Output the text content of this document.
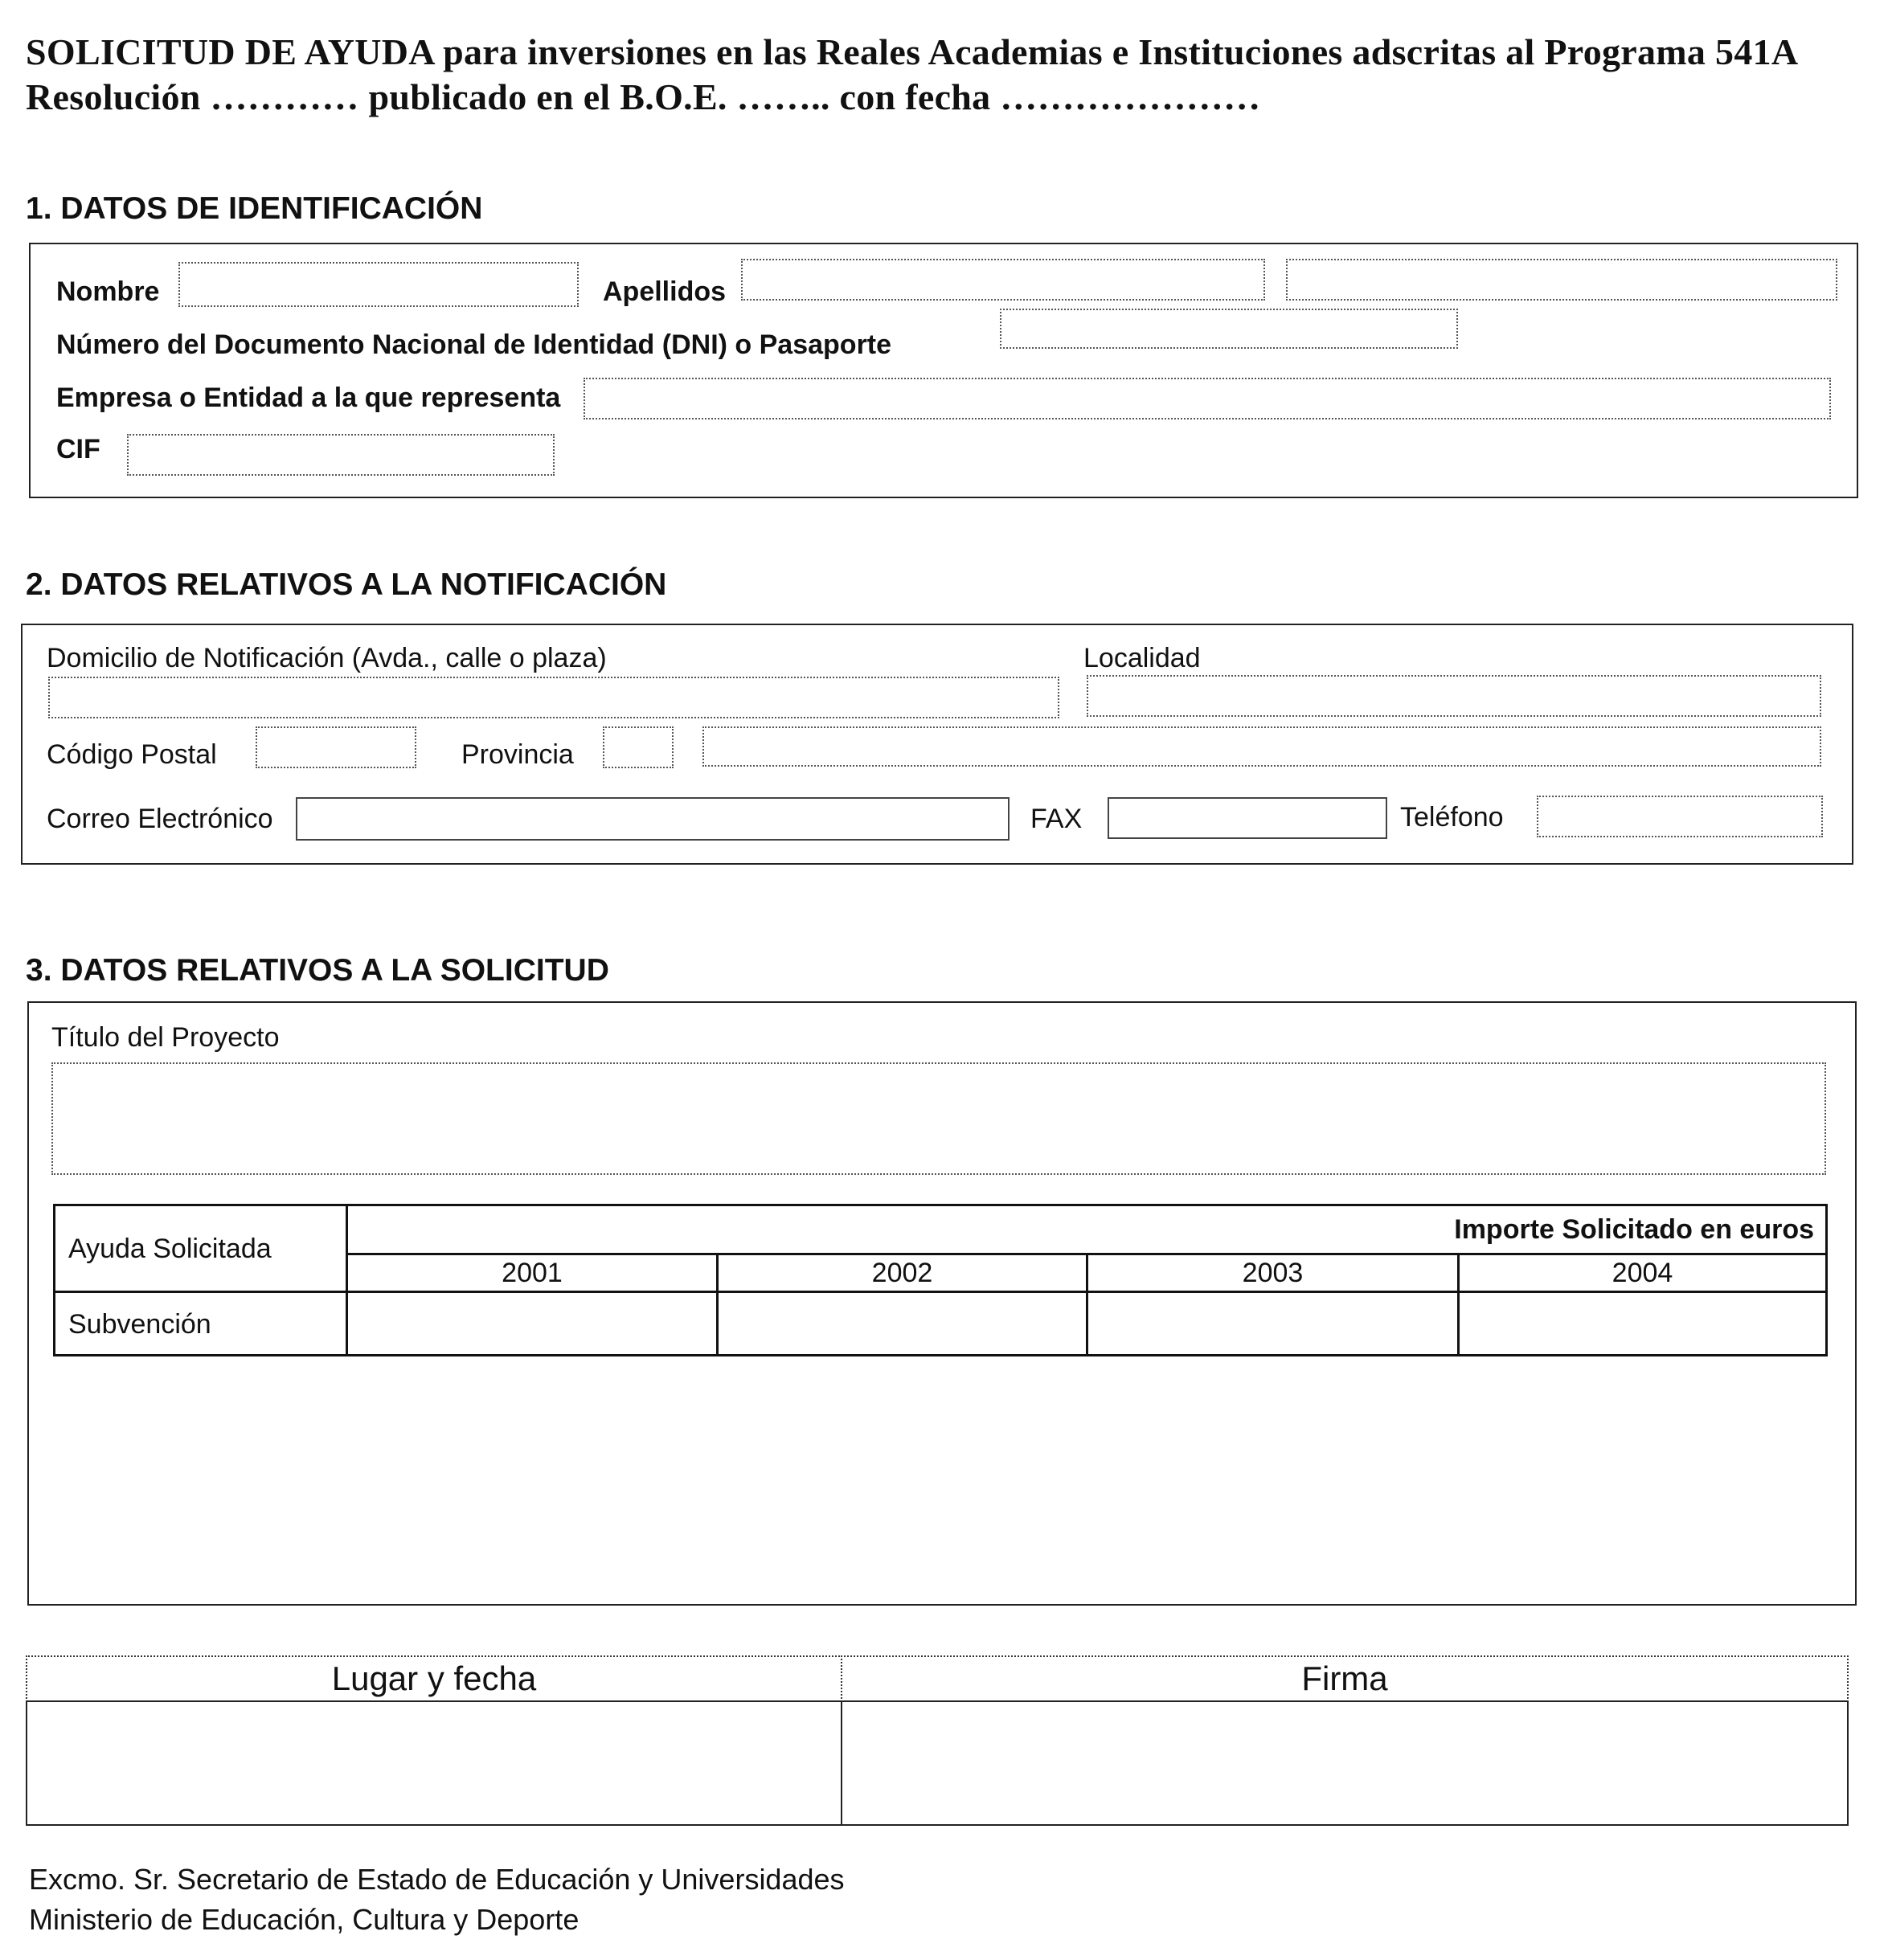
SOLICITUD DE AYUDA para inversiones en las Reales Academias e Instituciones adscritas al Programa 541A
Resolución ………… publicado en el B.O.E. …….. con fecha …………………
1. DATOS DE IDENTIFICACIÓN
Nombre	Apellidos
Número del Documento Nacional de Identidad (DNI) o Pasaporte
Empresa o Entidad a la que representa
CIF
2. DATOS RELATIVOS A LA NOTIFICACIÓN
Domicilio de Notificación (Avda., calle o plaza)	Localidad
Código Postal	Provincia
Correo Electrónico	FAX	Teléfono
3. DATOS RELATIVOS A LA SOLICITUD
Título del Proyecto
Ayuda Solicitada
Importe Solicitado en euros
2001	2002	2003	2004
Subvención
Lugar y fecha	Firma
Excmo. Sr. Secretario de Estado de Educación y Universidades
Ministerio de Educación, Cultura y Deporte
